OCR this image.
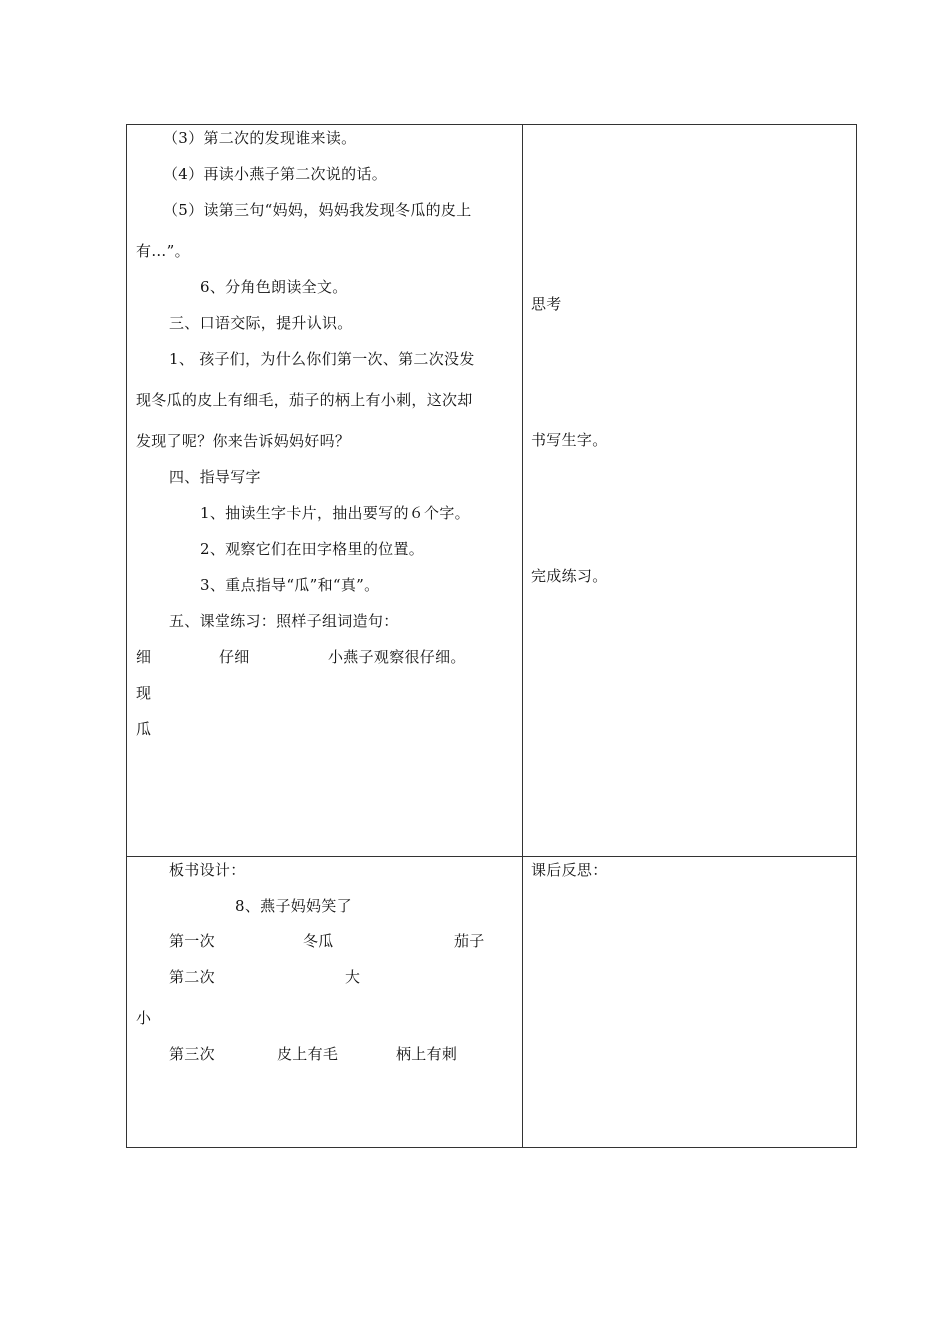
（3）第二次的发现谁来读。
（4）再读小燕子第二次说的话。
（5）读第三句“妈妈，妈妈我发现冬瓜的皮上
有…”。
6、分角色朗读全文。
三、口语交际，提升认识。
1、 孩子们，为什么你们第一次、第二次没发
现冬瓜的皮上有细毛，茄子的柄上有小刺，这次却
发现了呢？你来告诉妈妈好吗？
四、指导写字
1、抽读生字卡片，抽出要写的６个字。
2、观察它们在田字格里的位置。
3、重点指导“瓜”和“真”。
五、课堂练习：照样子组词造句：
细	仔细	小燕子观察很仔细。
现
瓜
思考
书写生字。
完成练习。
板书设计：
8、燕子妈妈笑了
第一次	冬瓜	茄子
第二次	大
小
第三次	皮上有毛	柄上有刺
课后反思：
